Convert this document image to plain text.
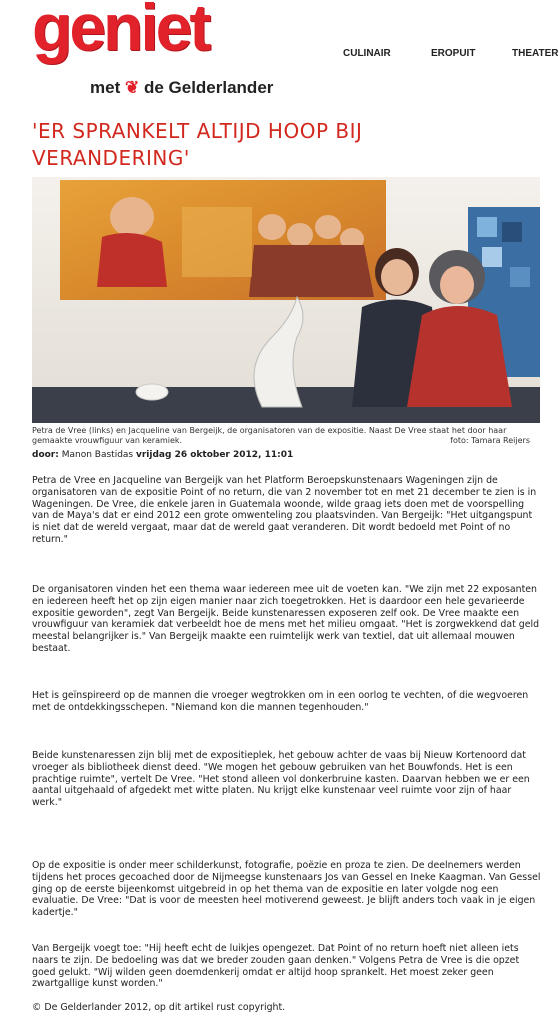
geniet
met ❦ de Gelderlander
CULINAIR	EROPUIT	THEATER
'ER SPRANKELT ALTIJD HOOP BIJ
VERANDERING'
Petra de Vree (links) en Jacqueline van Bergeijk, de organisatoren van de expositie. Naast De Vree staat het door haar
gemaakte vrouwfiguur van keramiek.	foto: Tamara Reijers
door: Manon Bastidas vrijdag 26 oktober 2012, 11:01

Petra de Vree en Jacqueline van Bergeijk van het Platform Beroepskunstenaars Wageningen zijn de organisatoren van de expositie Point of no return, die van 2 november tot en met 21 december te zien is in Wageningen. De Vree, die enkele jaren in Guatemala woonde, wilde graag iets doen met de voorspelling van de Maya's dat er eind 2012 een grote omwenteling zou plaatsvinden. Van Bergeijk: "Het uitgangspunt is niet dat de wereld vergaat, maar dat de wereld gaat veranderen. Dit wordt bedoeld met Point of no return."

De organisatoren vinden het een thema waar iedereen mee uit de voeten kan. "We zijn met 22 exposanten en iedereen heeft het op zijn eigen manier naar zich toegetrokken. Het is daardoor een hele gevarieerde expositie geworden", zegt Van Bergeijk. Beide kunstenaressen exposeren zelf ook. De Vree maakte een vrouwfiguur van keramiek dat verbeeldt hoe de mens met het milieu omgaat. "Het is zorgwekkend dat geld meestal belangrijker is." Van Bergeijk maakte een ruimtelijk werk van textiel, dat uit allemaal mouwen bestaat.

Het is geïnspireerd op de mannen die vroeger wegtrokken om in een oorlog te vechten, of die wegvoeren met de ontdekkingsschepen. "Niemand kon die mannen tegenhouden."

Beide kunstenaressen zijn blij met de expositieplek, het gebouw achter de vaas bij Nieuw Kortenoord dat vroeger als bibliotheek dienst deed. "We mogen het gebouw gebruiken van het Bouwfonds. Het is een prachtige ruimte", vertelt De Vree. "Het stond alleen vol donkerbruine kasten. Daarvan hebben we er een aantal uitgehaald of afgedekt met witte platen. Nu krijgt elke kunstenaar veel ruimte voor zijn of haar werk."

Op de expositie is onder meer schilderkunst, fotografie, poëzie en proza te zien. De deelnemers werden tijdens het proces gecoached door de Nijmeegse kunstenaars Jos van Gessel en Ineke Kaagman. Van Gessel ging op de eerste bijeenkomst uitgebreid in op het thema van de expositie en later volgde nog een evaluatie. De Vree: "Dat is voor de meesten heel motiverend geweest. Je blijft anders toch vaak in je eigen kadertje."

Van Bergeijk voegt toe: "Hij heeft echt de luikjes opengezet. Dat Point of no return hoeft niet alleen iets naars te zijn. De bedoeling was dat we breder zouden gaan denken." Volgens Petra de Vree is die opzet goed gelukt. "Wij wilden geen doemdenkerij omdat er altijd hoop sprankelt. Het moest zeker geen zwartgallige kunst worden."

© De Gelderlander 2012, op dit artikel rust copyright.
